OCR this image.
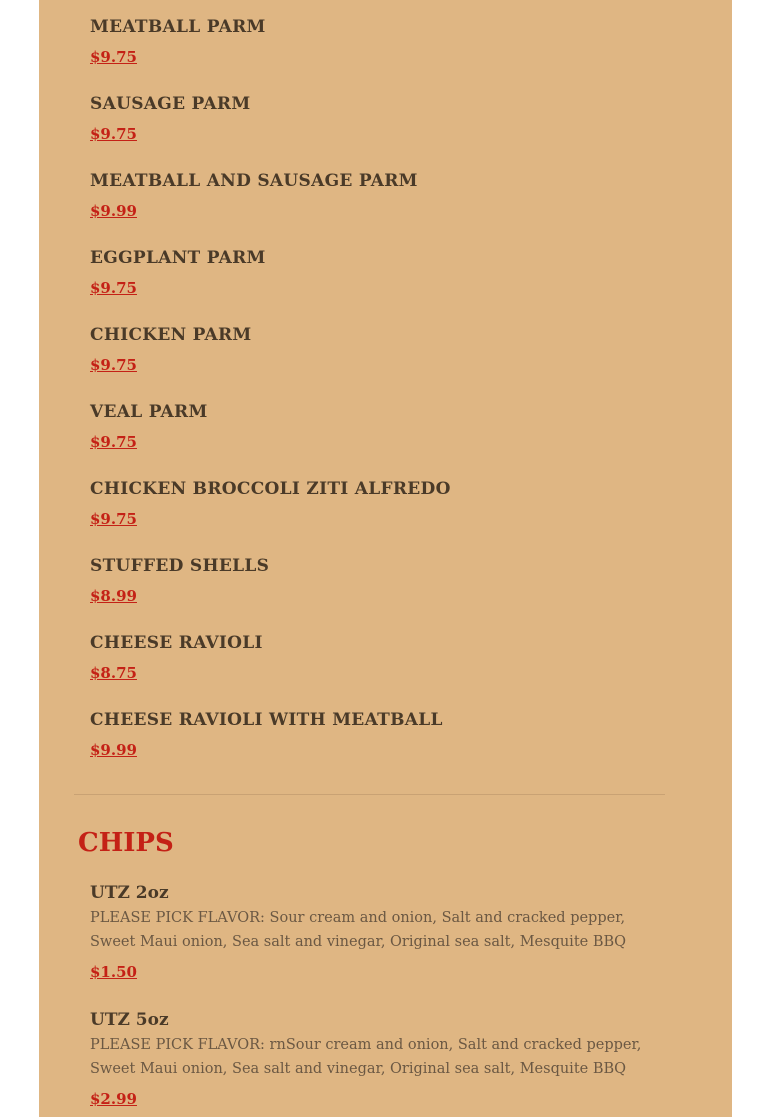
MEATBALL PARM
$9.75
SAUSAGE PARM
$9.75
MEATBALL AND SAUSAGE PARM
$9.99
EGGPLANT PARM
$9.75
CHICKEN PARM
$9.75
VEAL PARM
$9.75
CHICKEN BROCCOLI ZITI ALFREDO
$9.75
STUFFED SHELLS
$8.99
CHEESE RAVIOLI
$8.75
CHEESE RAVIOLI WITH MEATBALL
$9.99
CHIPS
UTZ 2oz
PLEASE PICK FLAVOR: Sour cream and onion, Salt and cracked pepper, Sweet Maui onion, Sea salt and vinegar, Original sea salt, Mesquite BBQ
$1.50
UTZ 5oz
PLEASE PICK FLAVOR: rnSour cream and onion, Salt and cracked pepper, Sweet Maui onion, Sea salt and vinegar, Original sea salt, Mesquite BBQ
$2.99
